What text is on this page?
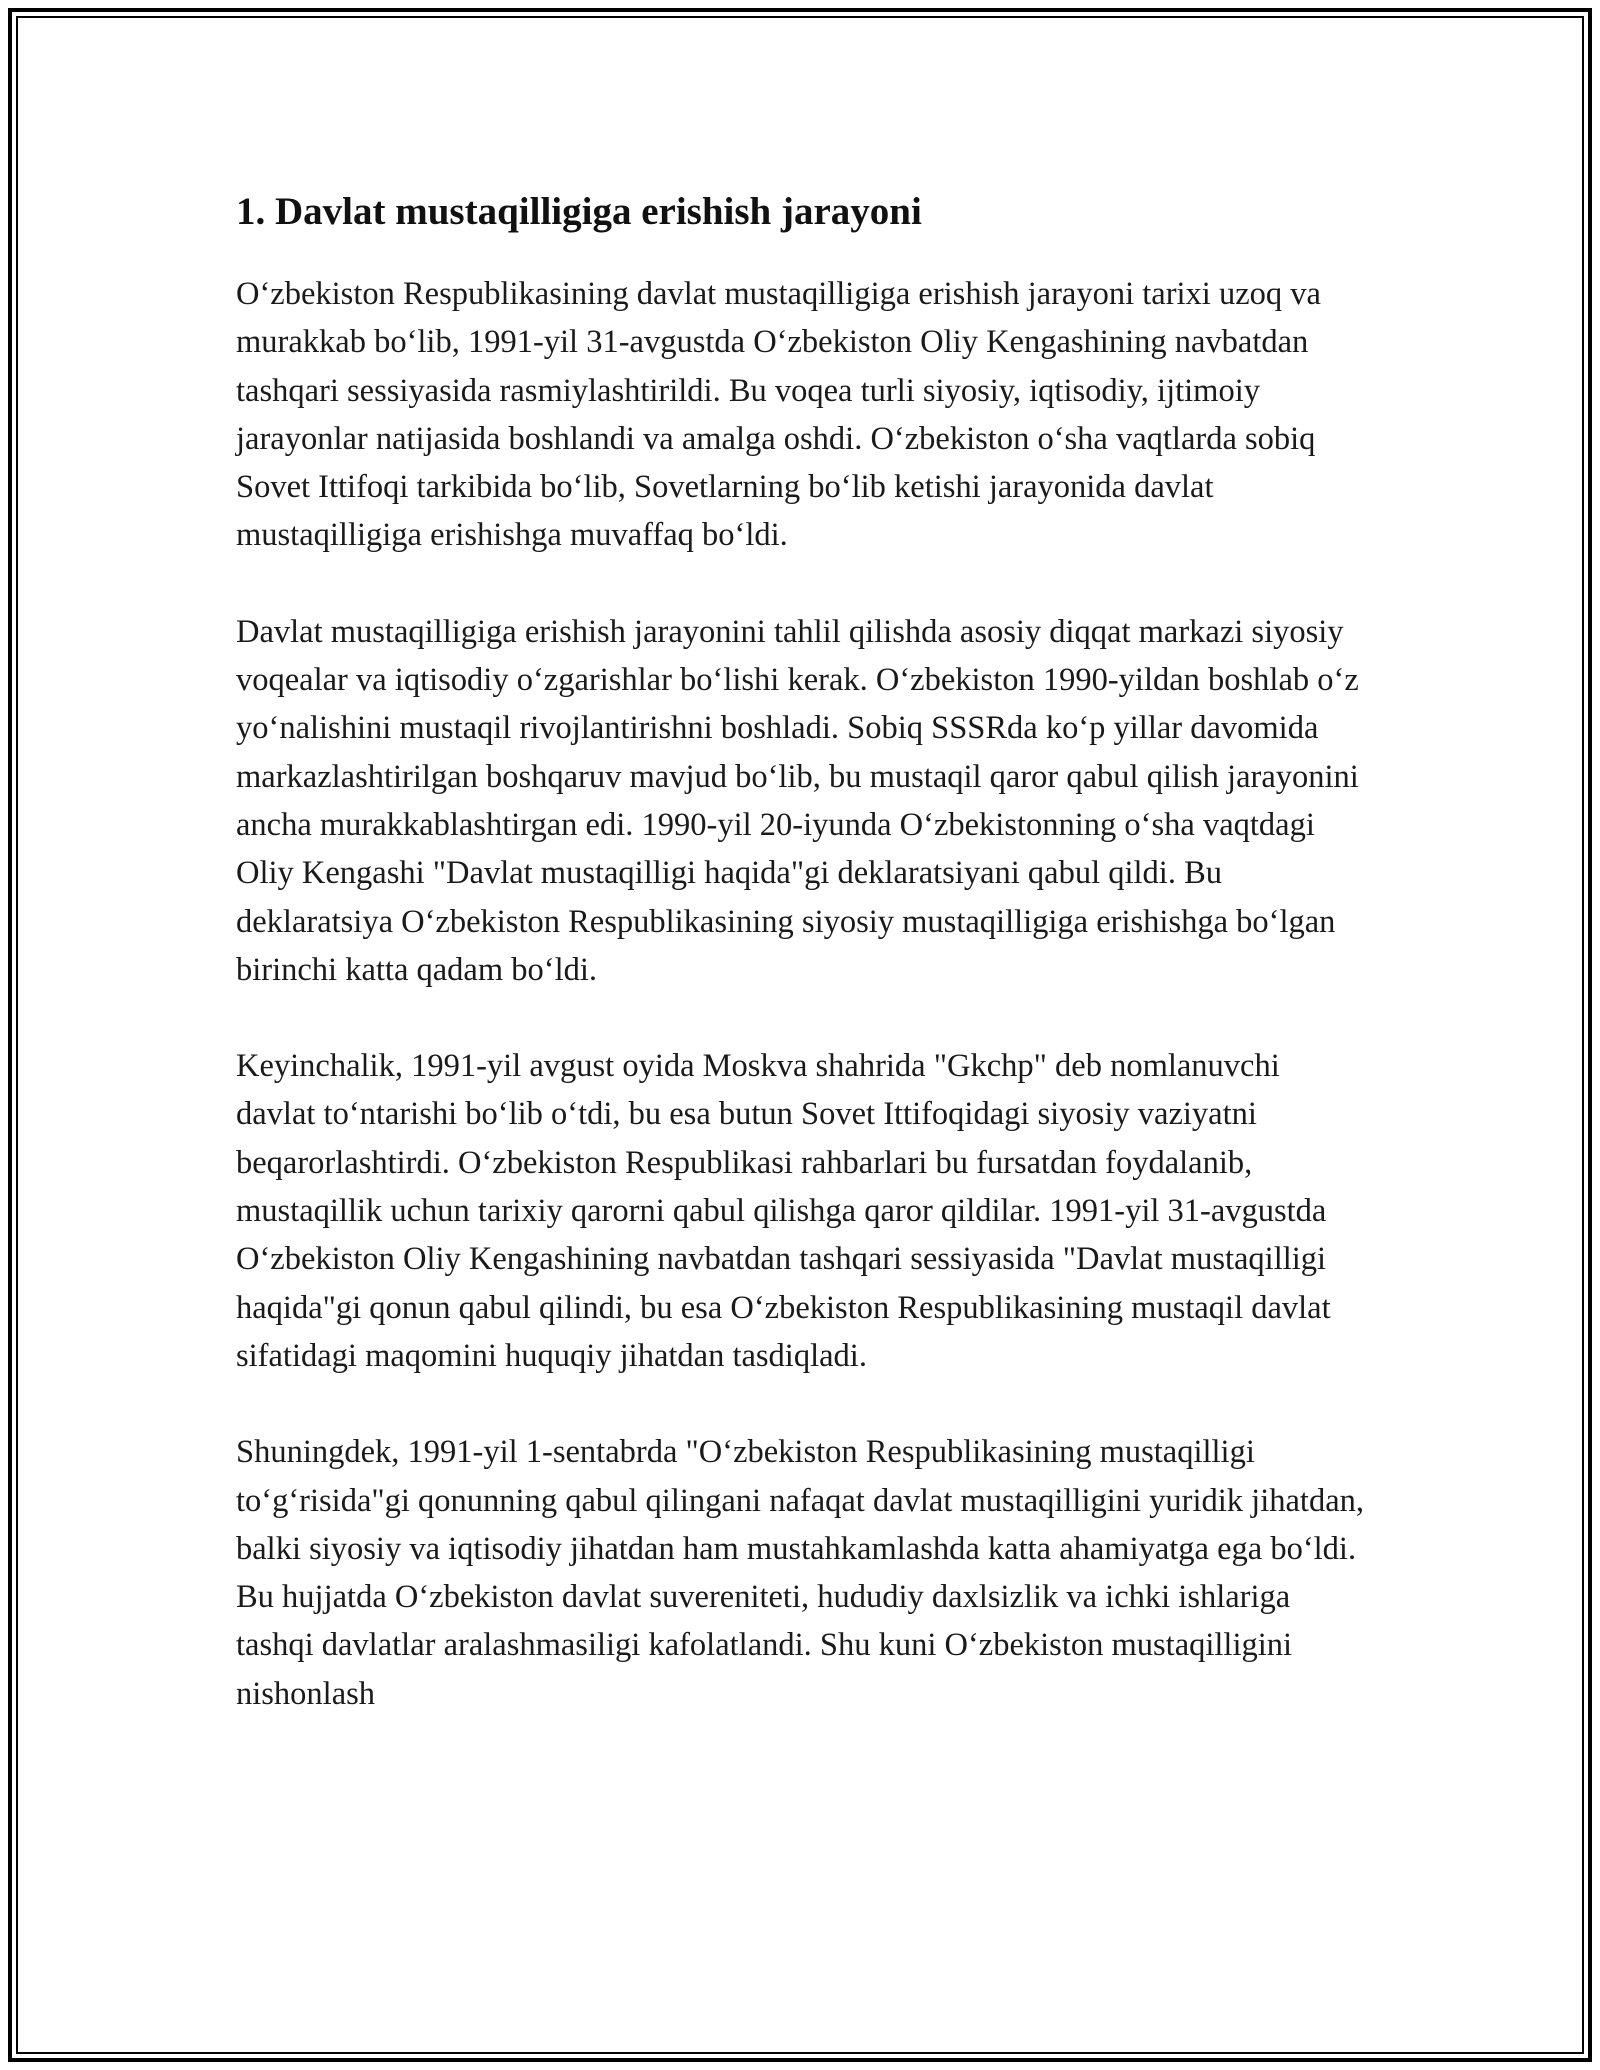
1. Davlat mustaqilligiga erishish jarayoni

O‘zbekiston Respublikasining davlat mustaqilligiga erishish jarayoni tarixi uzoq va murakkab bo‘lib, 1991-yil 31-avgustda O‘zbekiston Oliy Kengashining navbatdan tashqari sessiyasida rasmiylashtirildi. Bu voqea turli siyosiy, iqtisodiy, ijtimoiy jarayonlar natijasida boshlandi va amalga oshdi. O‘zbekiston o‘sha vaqtlarda sobiq Sovet Ittifoqi tarkibida bo‘lib, Sovetlarning bo‘lib ketishi jarayonida davlat mustaqilligiga erishishga muvaffaq bo‘ldi.

Davlat mustaqilligiga erishish jarayonini tahlil qilishda asosiy diqqat markazi siyosiy voqealar va iqtisodiy o‘zgarishlar bo‘lishi kerak. O‘zbekiston 1990-yildan boshlab o‘z yo‘nalishini mustaqil rivojlantirishni boshladi. Sobiq SSSRda ko‘p yillar davomida markazlashtirilgan boshqaruv mavjud bo‘lib, bu mustaqil qaror qabul qilish jarayonini ancha murakkablashtirgan edi. 1990-yil 20-iyunda O‘zbekistonning o‘sha vaqtdagi Oliy Kengashi "Davlat mustaqilligi haqida"gi deklaratsiyani qabul qildi. Bu deklaratsiya O‘zbekiston Respublikasining siyosiy mustaqilligiga erishishga bo‘lgan birinchi katta qadam bo‘ldi.

Keyinchalik, 1991-yil avgust oyida Moskva shahrida "Gkchp" deb nomlanuvchi davlat to‘ntarishi bo‘lib o‘tdi, bu esa butun Sovet Ittifoqidagi siyosiy vaziyatni beqarorlashtirdi. O‘zbekiston Respublikasi rahbarlari bu fursatdan foydalanib, mustaqillik uchun tarixiy qarorni qabul qilishga qaror qildilar. 1991-yil 31-avgustda O‘zbekiston Oliy Kengashining navbatdan tashqari sessiyasida "Davlat mustaqilligi haqida"gi qonun qabul qilindi, bu esa O‘zbekiston Respublikasining mustaqil davlat sifatidagi maqomini huquqiy jihatdan tasdiqladi.

Shuningdek, 1991-yil 1-sentabrda "O‘zbekiston Respublikasining mustaqilligi to‘g‘risida"gi qonunning qabul qilingani nafaqat davlat mustaqilligini yuridik jihatdan, balki siyosiy va iqtisodiy jihatdan ham mustahkamlashda katta ahamiyatga ega bo‘ldi. Bu hujjatda O‘zbekiston davlat suvereniteti, hududiy daxlsizlik va ichki ishlariga tashqi davlatlar aralashmasiligi kafolatlandi. Shu kuni O‘zbekiston mustaqilligini nishonlash
